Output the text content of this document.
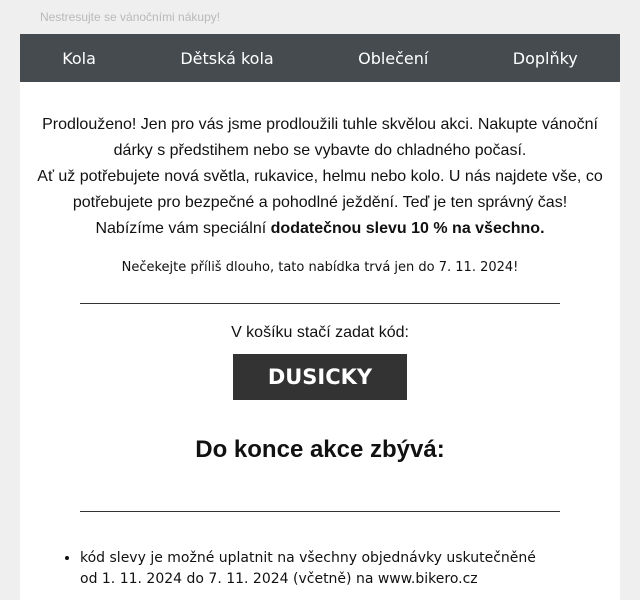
Nestresujte se vánočními nákupy!
Kola	Dětská kola	Oblečení	Doplňky
Prodlouženo! Jen pro vás jsme prodloužili tuhle skvělou akci. Nakupte vánoční dárky s předstihem nebo se vybavte do chladného počasí.
Ať už potřebujete nová světla, rukavice, helmu nebo kolo. U nás najdete vše, co potřebujete pro bezpečné a pohodlné ježdění. Teď je ten správný čas!
Nabízíme vám speciální dodatečnou slevu 10 % na všechno.
Nečekejte příliš dlouho, tato nabídka trvá jen do 7. 11. 2024!
V košíku stačí zadat kód:
DUSICKY
Do konce akce zbývá:
• kód slevy je možné uplatnit na všechny objednávky uskutečněné od 1. 11. 2024 do 7. 11. 2024 (včetně) na www.bikero.cz
